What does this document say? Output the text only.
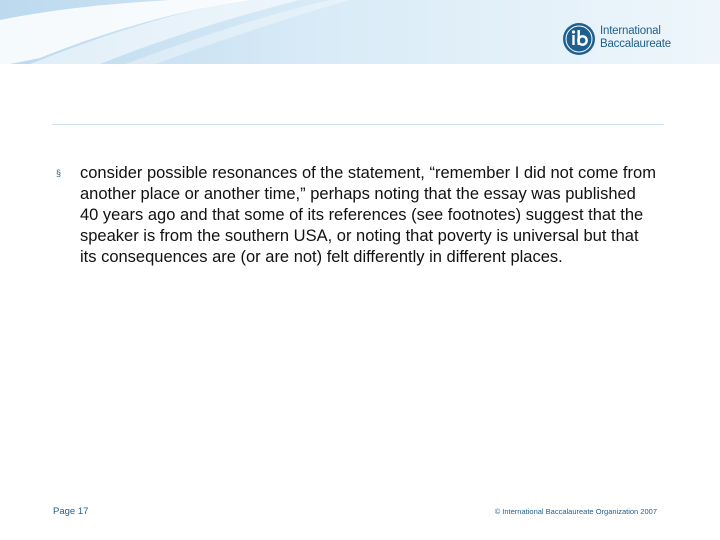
International
Baccalaureate
§ consider possible resonances of the statement, “remember I did not come from another place or another time,” perhaps noting that the essay was published 40 years ago and that some of its references (see footnotes) suggest that the speaker is from the southern USA, or noting that poverty is universal but that its consequences are (or are not) felt differently in different places.
Page 17	© International Baccalaureate Organization 2007
